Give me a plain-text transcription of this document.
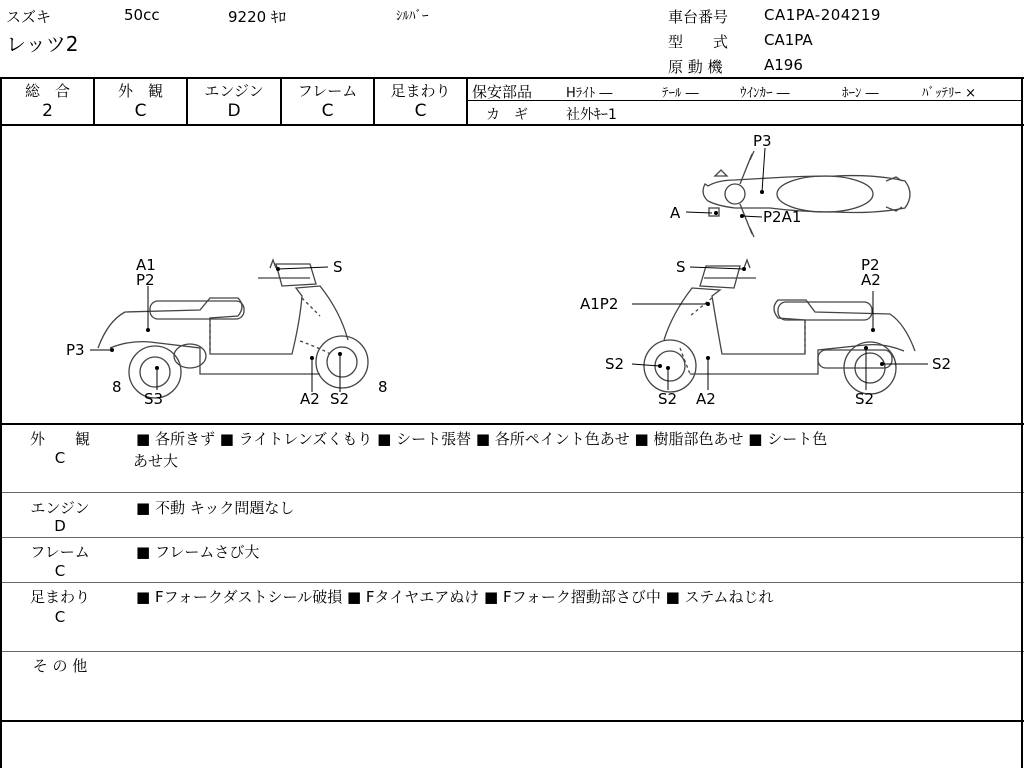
スズキ	50cc	9220 ｷﾛ	ｼﾙﾊﾞｰ
レッツ2
車台番号 CA1PA-204219
型　　式 CA1PA
原 動 機	A196
総　合
2
外　観
C
エンジン
D
フレーム
C
足まわり
C
保安部品	Hﾗｲﾄ ―	ﾃｰﾙ ―	ｳｲﾝｶｰ ―	ﾎｰﾝ ―	ﾊﾞｯﾃﾘｰ ×
カ　ギ	社外ｷｰ1
P3
A	P2A1
A1
P2
S
P3
8	8
S3	A2 S2
S	P2
A2
A1P2
S2	S2
S2 A2	S2
外　　観
C
■ 各所きず ■ ライトレンズくもり ■ シート張替 ■ 各所ペイント色あせ ■ 樹脂部色あせ ■ シート色
あせ大
エンジン
D
■ 不動 キック問題なし
フレーム
C
■ フレームさび大
足まわり
C
■ Fフォークダストシール破損 ■ Fタイヤエアぬけ ■ Fフォーク摺動部さび中 ■ ステムねじれ
そ の 他
